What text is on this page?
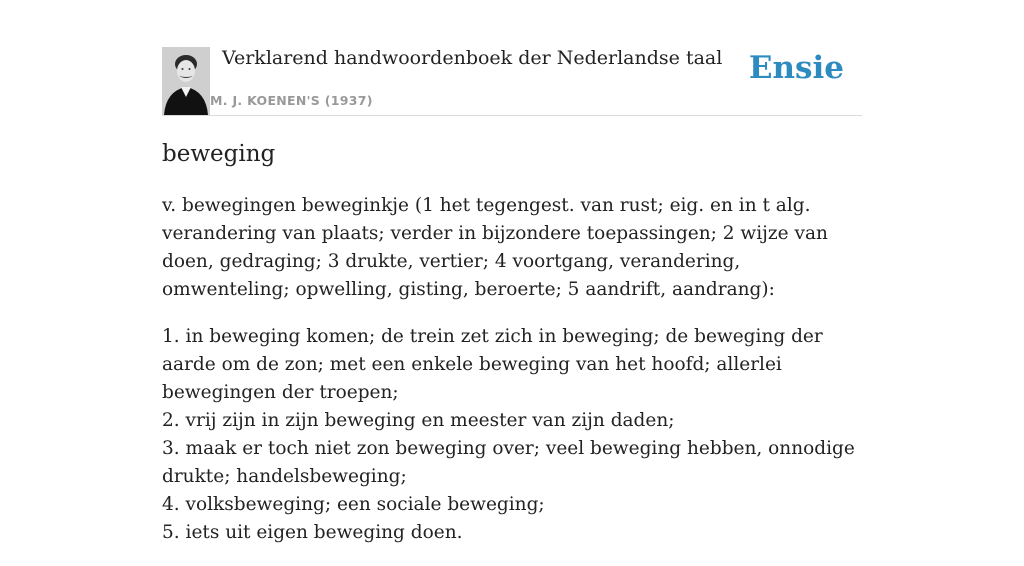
Verklarend handwoordenboek der Nederlandse taal
M. J. KOENEN'S (1937)
Ensie
beweging

v. bewegingen beweginkje (1 het tegengest. van rust; eig. en in t alg. verandering van plaats; verder in bijzondere toepassingen; 2 wijze van doen, gedraging; 3 drukte, vertier; 4 voortgang, verandering, omwenteling; opwelling, gisting, beroerte; 5 aandrift, aandrang):

1. in beweging komen; de trein zet zich in beweging; de beweging der aarde om de zon; met een enkele beweging van het hoofd; allerlei bewegingen der troepen;
2. vrij zijn in zijn beweging en meester van zijn daden;
3. maak er toch niet zon beweging over; veel beweging hebben, onnodige drukte; handelsbeweging;
4. volksbeweging; een sociale beweging;
5. iets uit eigen beweging doen.
